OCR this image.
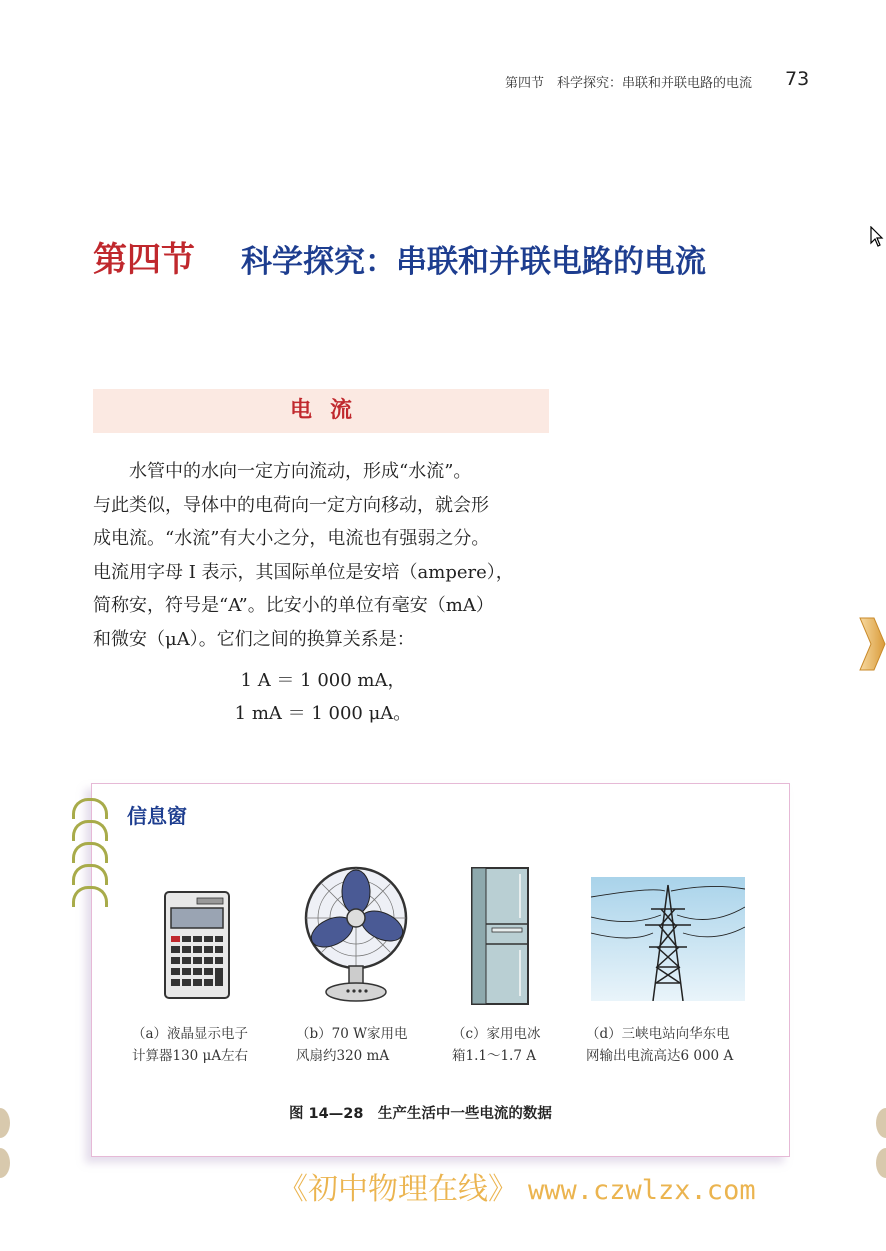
第四节　科学探究：串联和并联电路的电流 73
第四节 科学探究：串联和并联电路的电流
电流
水管中的水向一定方向流动，形成“水流”。
与此类似，导体中的电荷向一定方向移动，就会形
成电流。“水流”有大小之分，电流也有强弱之分。
电流用字母 I 表示，其国际单位是安培（ampere），
简称安，符号是“A”。比安小的单位有毫安（mA）
和微安（μA）。它们之间的换算关系是：
1 A ＝ 1 000 mA，
1 mA ＝ 1 000 μA。
信息窗
（a）液晶显示电子
计算器130 μA左右
（b）70 W家用电
风扇约320 mA
（c）家用电冰
箱1.1～1.7 A
（d）三峡电站向华东电
网输出电流高达6 000 A
图 14—28　生产生活中一些电流的数据
《初中物理在线》 www.czwlzx.com
